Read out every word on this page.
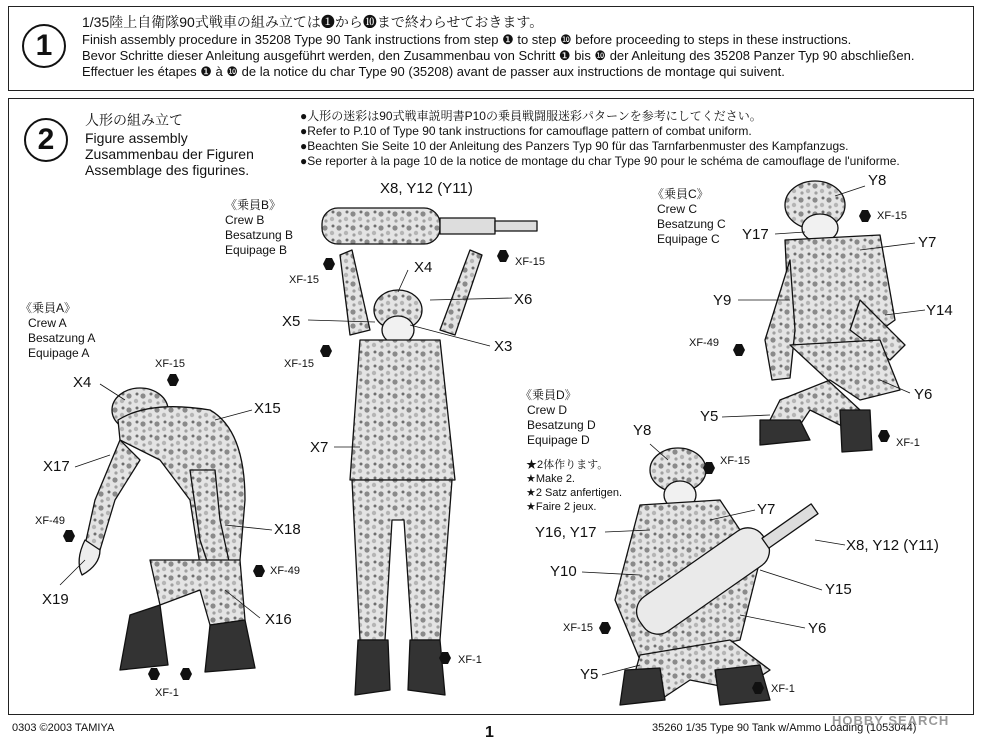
1
1/35陸上自衛隊90式戦車の組み立ては❶から❿まで終わらせておきます。
Finish assembly procedure in 35208 Type 90 Tank instructions from step ❶ to step ❿ before proceeding to steps in these instructions.
Bevor Schritte dieser Anleitung ausgeführt werden, den Zusammenbau von Schritt ❶ bis ❿ der Anleitung des 35208 Panzer Typ 90 abschließen.
Effectuer les étapes ❶ à ❿ de la notice du char Type 90 (35208) avant de passer aux instructions de montage qui suivent.
2
人形の組み立て
Figure assembly
Zusammenbau der Figuren
Assemblage des figurines.
●人形の迷彩は90式戦車説明書P10の乗員戦闘服迷彩パターンを参考にしてください。
●Refer to P.10 of Type 90 tank instructions for camouflage pattern of combat uniform.
●Beachten Sie Seite 10 der Anleitung des Panzers Typ 90 für das Tarnfarbenmuster des Kampfanzugs.
●Se reporter à la page 10 de la notice de montage du char Type 90 pour le schéma de camouflage de l'uniforme.
《乗員A》
Crew A
Besatzung A
Equipage A
X4
X15
X17
X18
X19
X16
XF-15
XF-49
XF-49
XF-1
《乗員B》
Crew B
Besatzung B
Equipage B
X8, Y12 (Y11)
X4
X6
X5
X3
X7
XF-15
XF-15
XF-15
XF-1
《乗員C》
Crew C
Besatzung C
Equipage C
Y8
Y17	Y7
Y9
Y14
Y6
Y5
XF-15
XF-49
XF-1
《乗員D》
Crew D
Besatzung D
Equipage D
★2体作ります。
★Make 2.
★2 Satz anfertigen.
★Faire 2 jeux.
Y8
Y7
Y16, Y17
X8, Y12 (Y11)
Y10
Y15
Y6
Y5
XF-15
XF-15
XF-1
0303 ©2003 TAMIYA	1	35260 1/35 Type 90 Tank w/Ammo Loading (1053044)
HOBBY SEARCH
